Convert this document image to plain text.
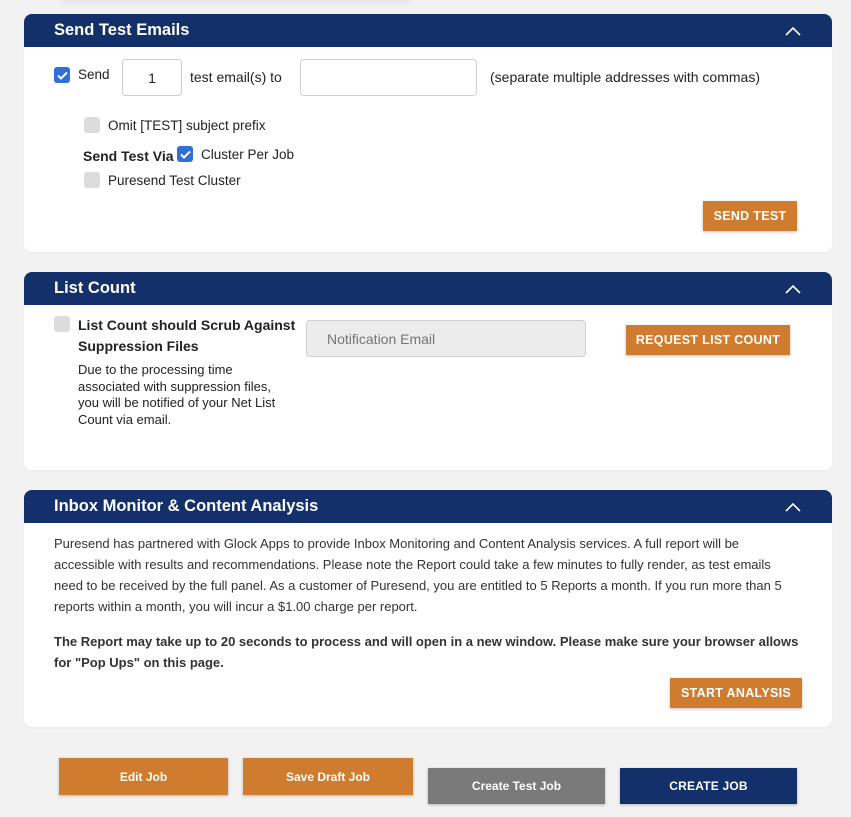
Send Test Emails
Send
1	test email(s) to	(separate multiple addresses with commas)
Omit [TEST] subject prefix
Send Test Via Cluster Per Job
Puresend Test Cluster
SEND TEST
List Count
List Count should Scrub Against
Suppression Files
Due to the processing time
associated with suppression files,
you will be notified of your Net List
Count via email.
Notification Email
REQUEST LIST COUNT
Inbox Monitor & Content Analysis

Puresend has partnered with Glock Apps to provide Inbox Monitoring and Content Analysis services. A full report will be accessible with results and recommendations. Please note the Report could take a few minutes to fully render, as test emails need to be received by the full panel. As a customer of Puresend, you are entitled to 5 Reports a month. If you run more than 5 reports within a month, you will incur a $1.00 charge per report.

The Report may take up to 20 seconds to process and will open in a new window. Please make sure your browser allows for "Pop Ups" on this page.

START ANALYSIS
Edit Job	Save Draft Job
Create Test Job	CREATE JOB
